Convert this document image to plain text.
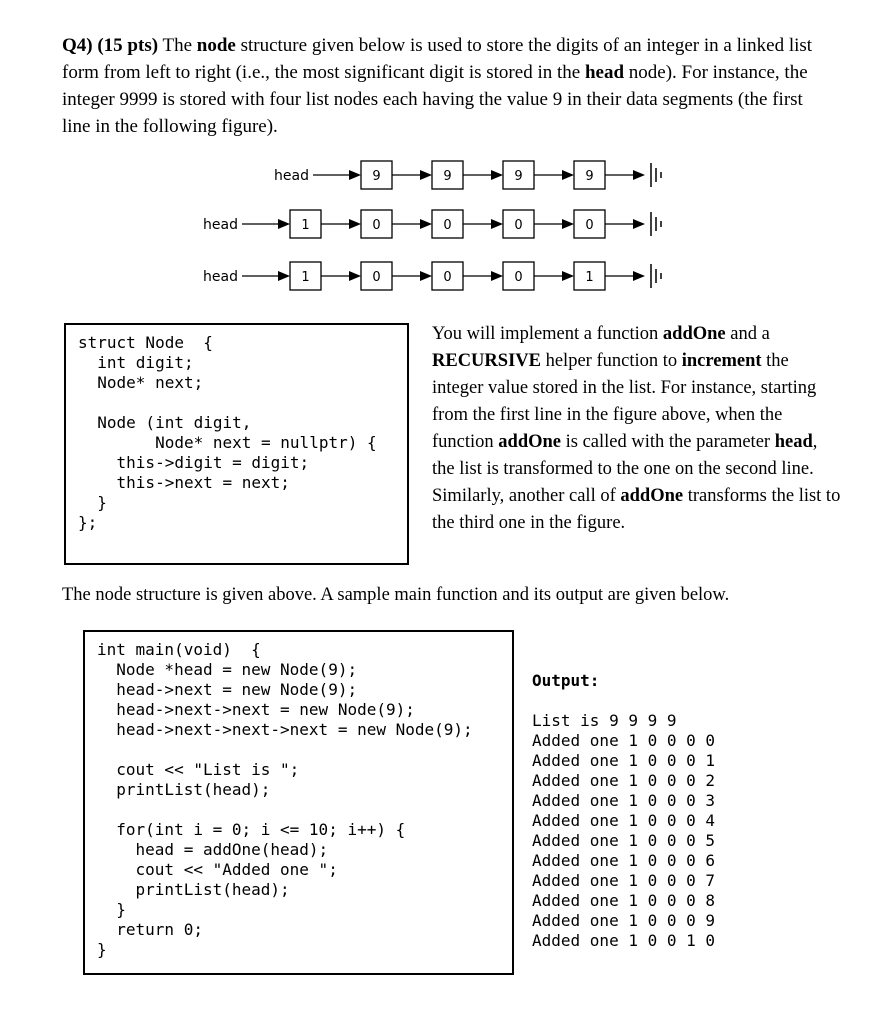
Q4) (15 pts) The node structure given below is used to store the digits of an integer in a linked list form from left to right (i.e., the most significant digit is stored in the head node). For instance, the integer 9999 is stored with four list nodes each having the value 9 in their data segments (the first line in the following figure).

head	9	9	9	9
head	1	0	0	0	0
head	1	0	0	0	1
struct Node  {
int digit;
Node* next;

Node (int digit,
Node* next = nullptr) {
this->digit = digit;
this->next = next;
}
};

You will implement a function addOne and a RECURSIVE helper function to increment the integer value stored in the list. For instance, starting from the first line in the figure above, when the function addOne is called with the parameter head, the list is transformed to the one on the second line. Similarly, another call of addOne transforms the list to the third one in the figure.

The node structure is given above. A sample main function and its output are given below.

int main(void)  {
Node *head = new Node(9);
head->next = new Node(9);
head->next->next = new Node(9);
head->next->next->next = new Node(9);

cout << "List is ";
printList(head);

for(int i = 0; i <= 10; i++) {
head = addOne(head);
cout << "Added one ";
printList(head);
}
return 0;
}

Output:

List is 9 9 9 9
Added one 1 0 0 0 0
Added one 1 0 0 0 1
Added one 1 0 0 0 2
Added one 1 0 0 0 3
Added one 1 0 0 0 4
Added one 1 0 0 0 5
Added one 1 0 0 0 6
Added one 1 0 0 0 7
Added one 1 0 0 0 8
Added one 1 0 0 0 9
Added one 1 0 0 1 0
